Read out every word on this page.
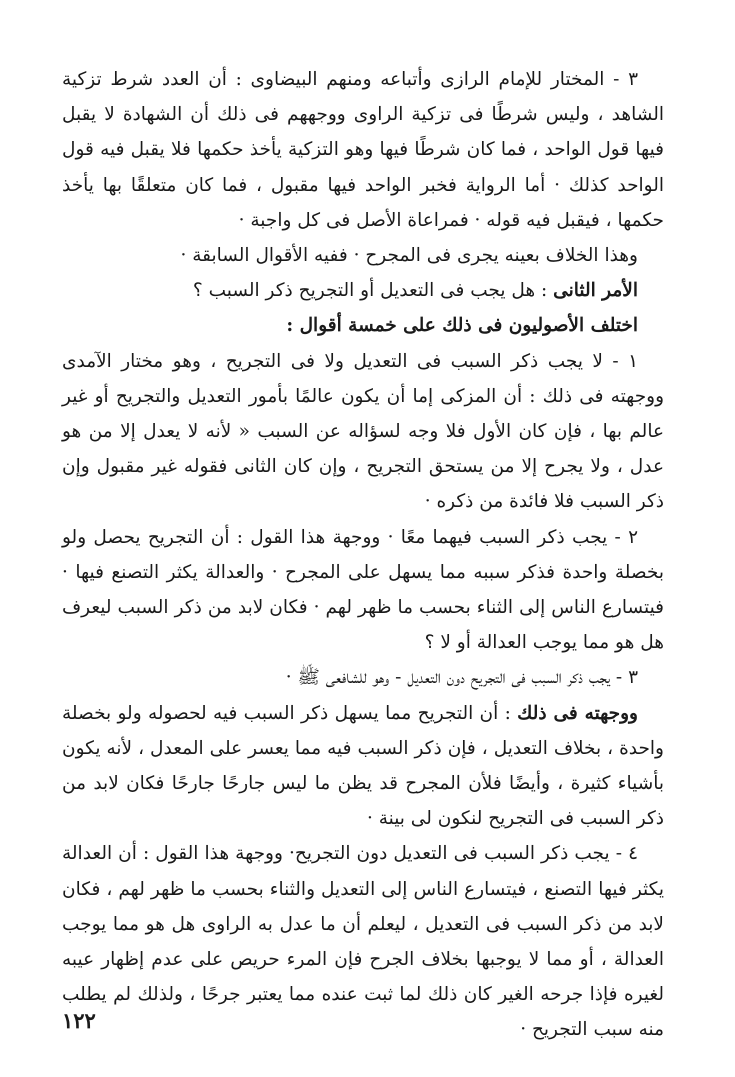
٣ - المختار للإمام الرازى وأتباعه ومنهم البيضاوى : أن العدد شرط تزكية الشاهد ، وليس شرطًا فى تزكية الراوى ووجههم فى ذلك أن الشهادة لا يقبل فيها قول الواحد ، فما كان شرطًا فيها وهو التزكية يأخذ حكمها فلا يقبل فيه قول الواحد كذلك · أما الرواية فخبر الواحد فيها مقبول ، فما كان متعلقًا بها يأخذ حكمها ، فيقبل فيه قوله · فمراعاة الأصل فى كل واجبة ·

وهذا الخلاف بعينه يجرى فى المجرح · ففيه الأقوال السابقة ·

الأمر الثانى : هل يجب فى التعديل أو التجريح ذكر السبب ؟

اختلف الأصوليون فى ذلك على خمسة أقوال :

١ - لا يجب ذكر السبب فى التعديل ولا فى التجريح ، وهو مختار الآمدى ووجهته فى ذلك : أن المزكى إما أن يكون عالمًا بأمور التعديل والتجريح أو غير عالم بها ، فإن كان الأول فلا وجه لسؤاله عن السبب « لأنه لا يعدل إلا من هو عدل ، ولا يجرح إلا من يستحق التجريح ، وإن كان الثانى فقوله غير مقبول وإن ذكر السبب فلا فائدة من ذكره ·

٢ - يجب ذكر السبب فيهما معًا · ووجهة هذا القول : أن التجريح يحصل ولو بخصلة واحدة فذكر سببه مما يسهل على المجرح · والعدالة يكثر التصنع فيها · فيتسارع الناس إلى الثناء بحسب ما ظهر لهم · فكان لابد من ذكر السبب ليعرف هل هو مما يوجب العدالة أو لا ؟

٣ - يجب ذكر السبب فى التجريح دون التعديل - وهو للشافعى ﷺ ·

ووجهته فى ذلك : أن التجريح مما يسهل ذكر السبب فيه لحصوله ولو بخصلة واحدة ، بخلاف التعديل ، فإن ذكر السبب فيه مما يعسر على المعدل ، لأنه يكون بأشياء كثيرة ، وأيضًا فلأن المجرح قد يظن ما ليس جارحًا جارحًا فكان لابد من ذكر السبب فى التجريح لنكون لى بينة ·

٤ - يجب ذكر السبب فى التعديل دون التجريح· ووجهة هذا القول : أن العدالة يكثر فيها التصنع ، فيتسارع الناس إلى التعديل والثناء بحسب ما ظهر لهم ، فكان لابد من ذكر السبب فى التعديل ، ليعلم أن ما عدل به الراوى هل هو مما يوجب العدالة ، أو مما لا يوجبها بخلاف الجرح فإن المرء حريص على عدم إظهار عيبه لغيره فإذا جرحه الغير كان ذلك لما ثبت عنده مما يعتبر جرحًا ، ولذلك لم يطلب منه سبب التجريح ·

١٢٢
